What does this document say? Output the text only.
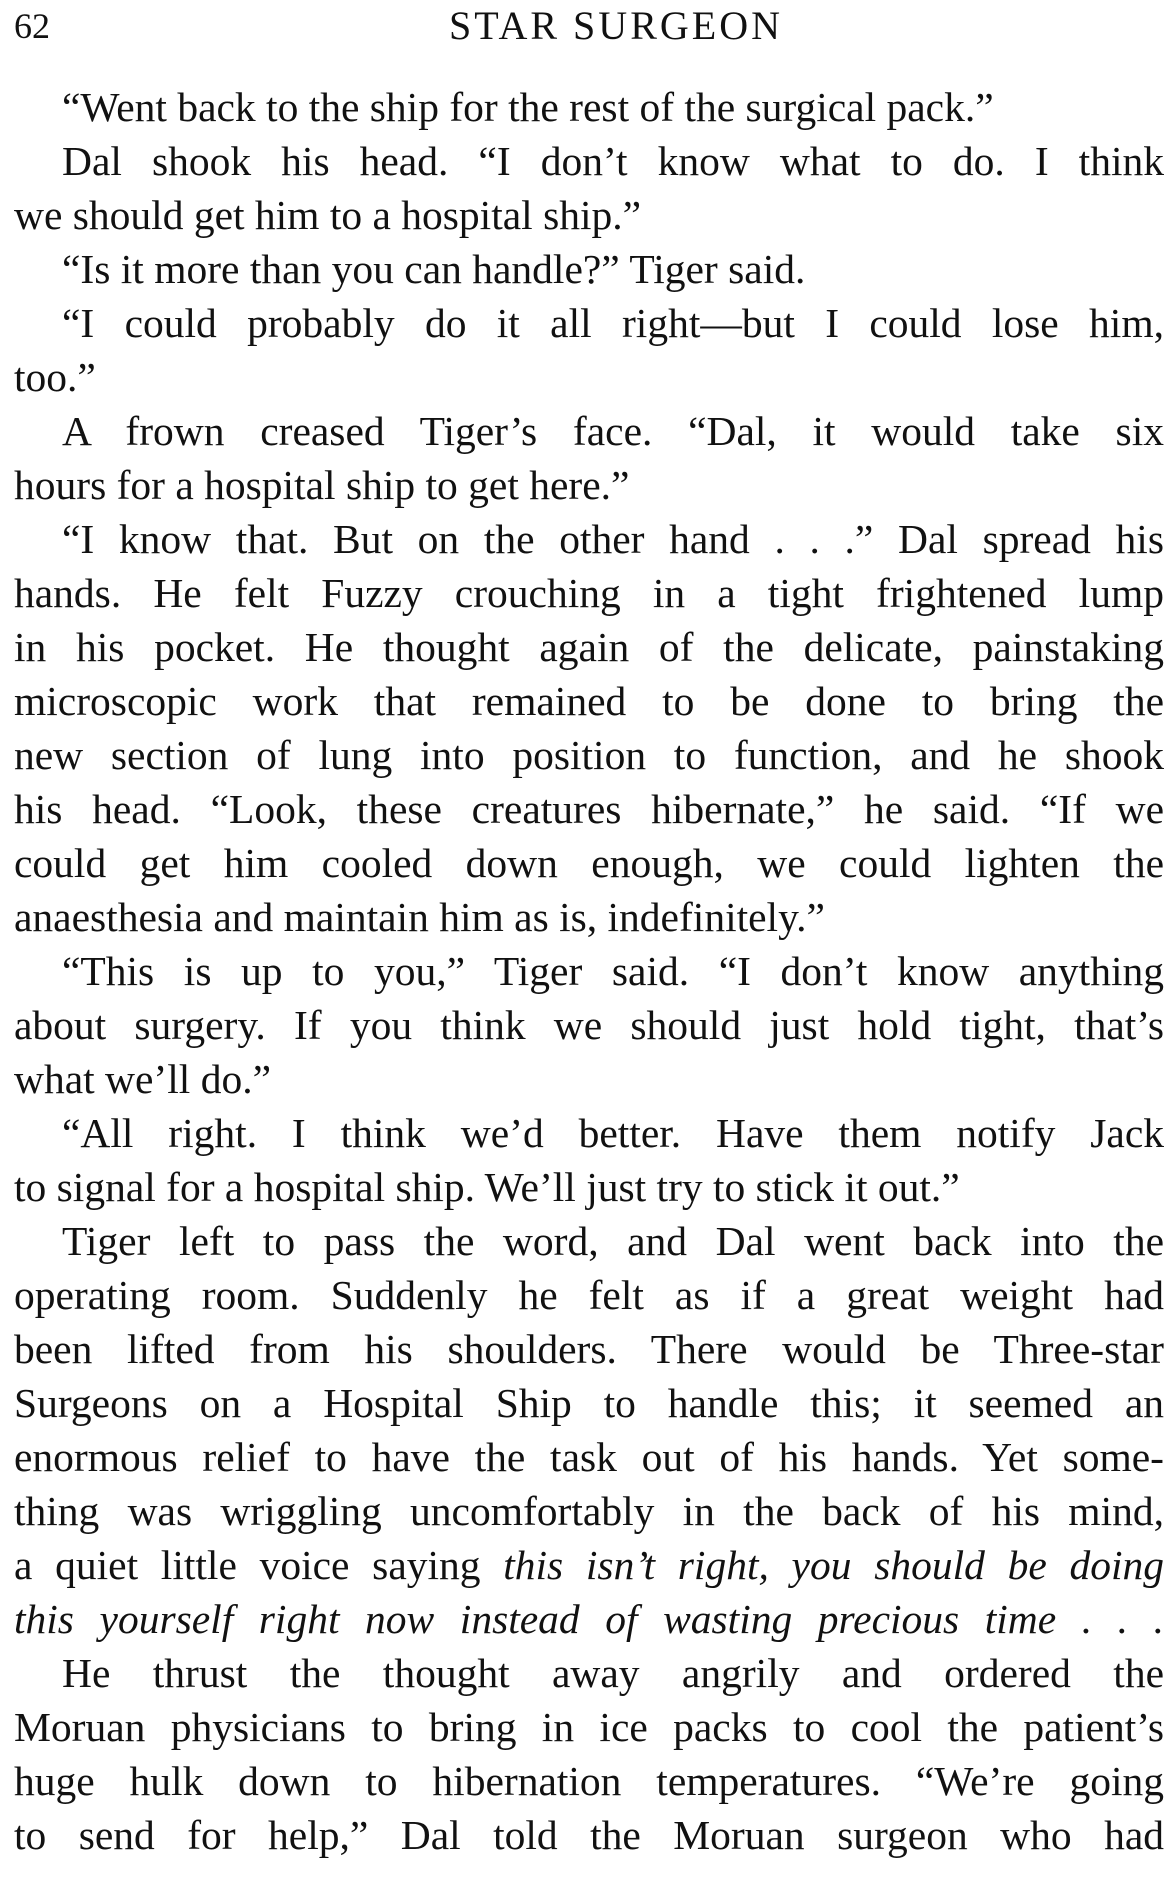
62	STAR SURGEON
“Went back to the ship for the rest of the surgical pack.”
Dal shook his head. “I don’t know what to do. I think
we should get him to a hospital ship.”
“Is it more than you can handle?” Tiger said.
“I could probably do it all right—but I could lose him,
too.”
A frown creased Tiger’s face. “Dal, it would take six
hours for a hospital ship to get here.”
“I know that. But on the other hand . . .” Dal spread his
hands. He felt Fuzzy crouching in a tight frightened lump
in his pocket. He thought again of the delicate, painstaking
microscopic work that remained to be done to bring the
new section of lung into position to function, and he shook
his head. “Look, these creatures hibernate,” he said. “If we
could get him cooled down enough, we could lighten the
anaesthesia and maintain him as is, indefinitely.”
“This is up to you,” Tiger said. “I don’t know anything
about surgery. If you think we should just hold tight, that’s
what we’ll do.”
“All right. I think we’d better. Have them notify Jack
to signal for a hospital ship. We’ll just try to stick it out.”
Tiger left to pass the word, and Dal went back into the
operating room. Suddenly he felt as if a great weight had
been lifted from his shoulders. There would be Three-star
Surgeons on a Hospital Ship to handle this; it seemed an
enormous relief to have the task out of his hands. Yet some-
thing was wriggling uncomfortably in the back of his mind,
a quiet little voice saying this isn’t right, you should be doing
this yourself right now instead of wasting precious time . . .
He thrust the thought away angrily and ordered the
Moruan physicians to bring in ice packs to cool the patient’s
huge hulk down to hibernation temperatures. “We’re going
to send for help,” Dal told the Moruan surgeon who had
